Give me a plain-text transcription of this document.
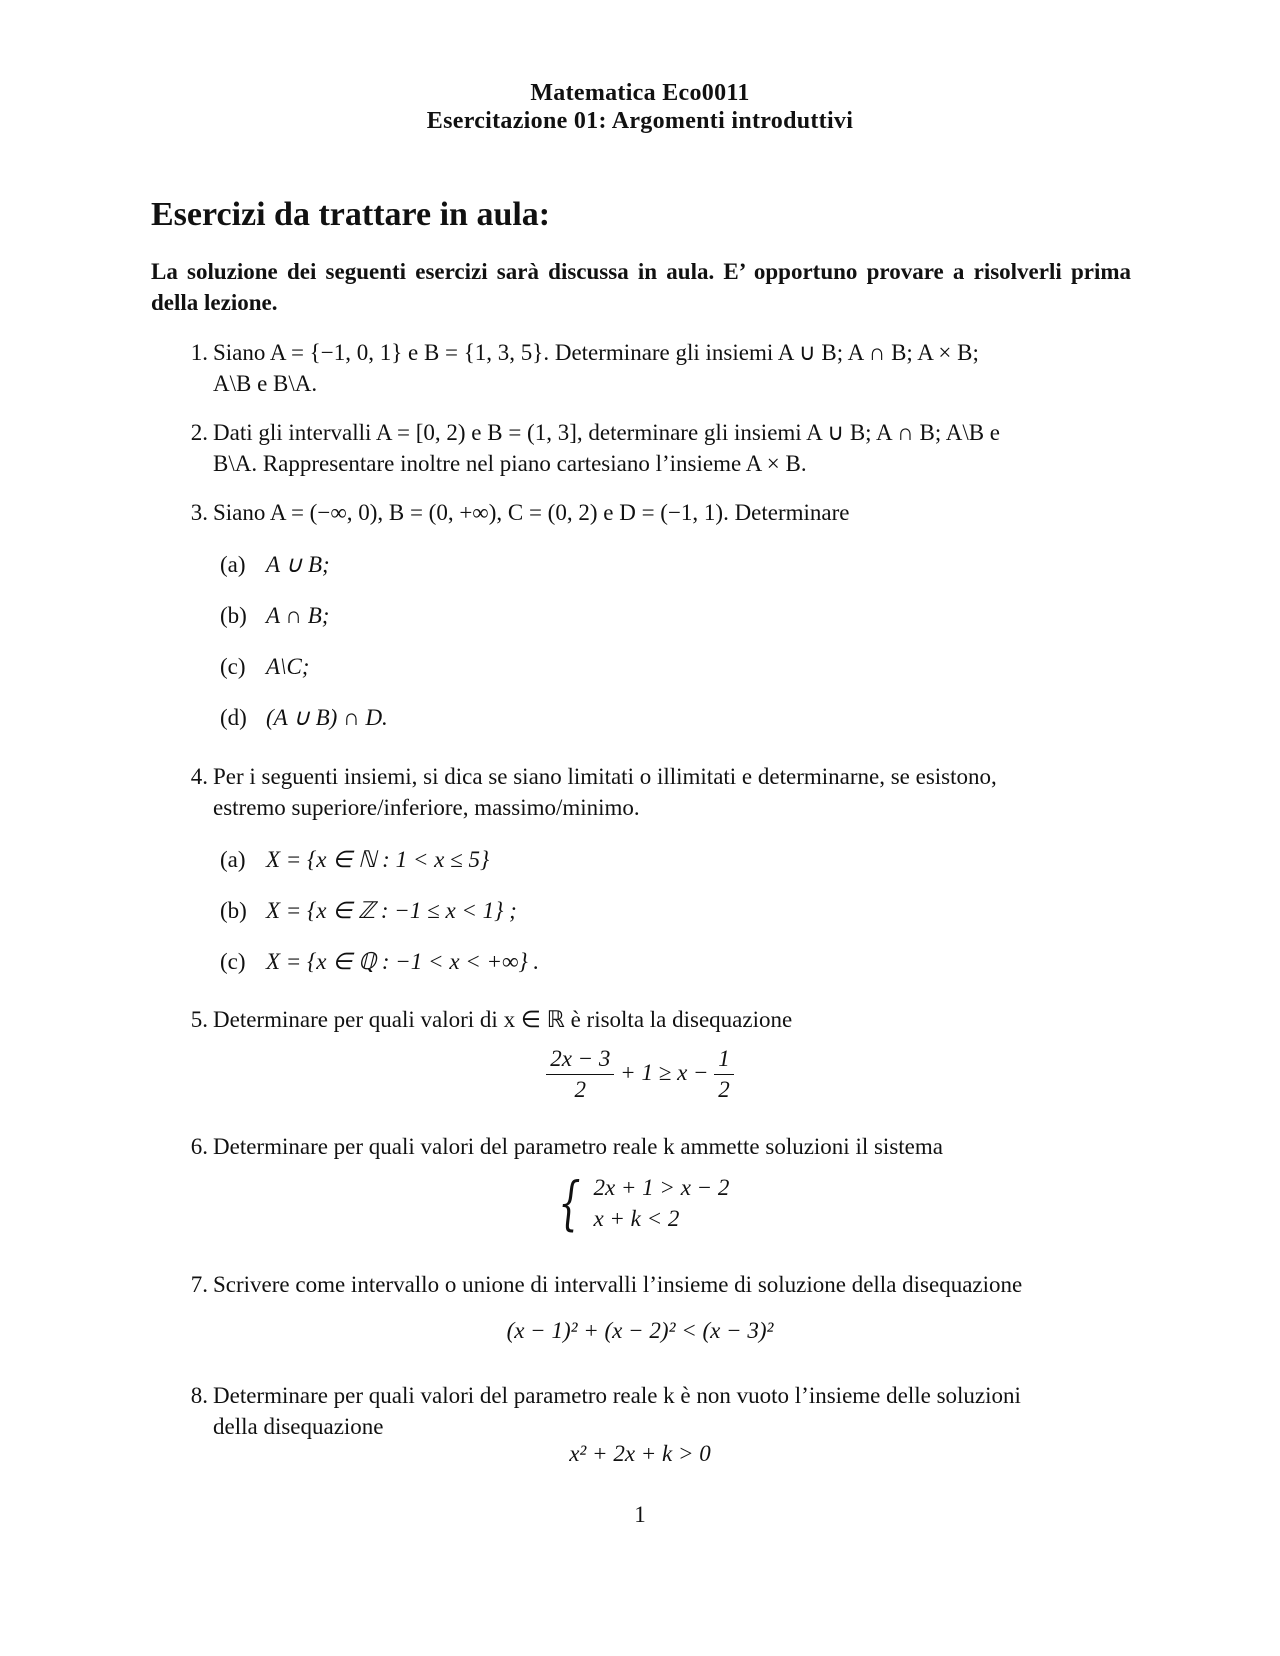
Matematica Eco0011
Esercitazione 01: Argomenti introduttivi
Esercizi da trattare in aula:
La soluzione dei seguenti esercizi sarà discussa in aula. E’ opportuno provare a risolverli prima della lezione.
1. Siano A = {−1, 0, 1} e B = {1, 3, 5}. Determinare gli insiemi A ∪ B; A ∩ B; A × B;
A\B e B\A.
2. Dati gli intervalli A = [0, 2) e B = (1, 3], determinare gli insiemi A ∪ B; A ∩ B; A\B e
B\A. Rappresentare inoltre nel piano cartesiano l’insieme A × B.
3. Siano A = (−∞, 0), B = (0, +∞), C = (0, 2) e D = (−1, 1). Determinare
(a) A ∪ B;
(b) A ∩ B;
(c) A\C;
(d) (A ∪ B) ∩ D.
4. Per i seguenti insiemi, si dica se siano limitati o illimitati e determinarne, se esistono,
estremo superiore/inferiore, massimo/minimo.
(a) X = {x ∈ ℕ : 1 < x ≤ 5}
(b) X = {x ∈ ℤ : −1 ≤ x < 1} ;
(c) X = {x ∈ ℚ : −1 < x < +∞} .
5. Determinare per quali valori di x ∈ ℝ è risolta la disequazione
$\frac{2x - 3}{2} + 1 \ge x - \frac{1}{2}$
6. Determinare per quali valori del parametro reale k ammette soluzioni il sistema
{ 2x + 1 > x − 2
x + k < 2
7. Scrivere come intervallo o unione di intervalli l’insieme di soluzione della disequazione
(x − 1)² + (x − 2)² < (x − 3)²
8. Determinare per quali valori del parametro reale k è non vuoto l’insieme delle soluzioni
della disequazione
x² + 2x + k > 0
1
